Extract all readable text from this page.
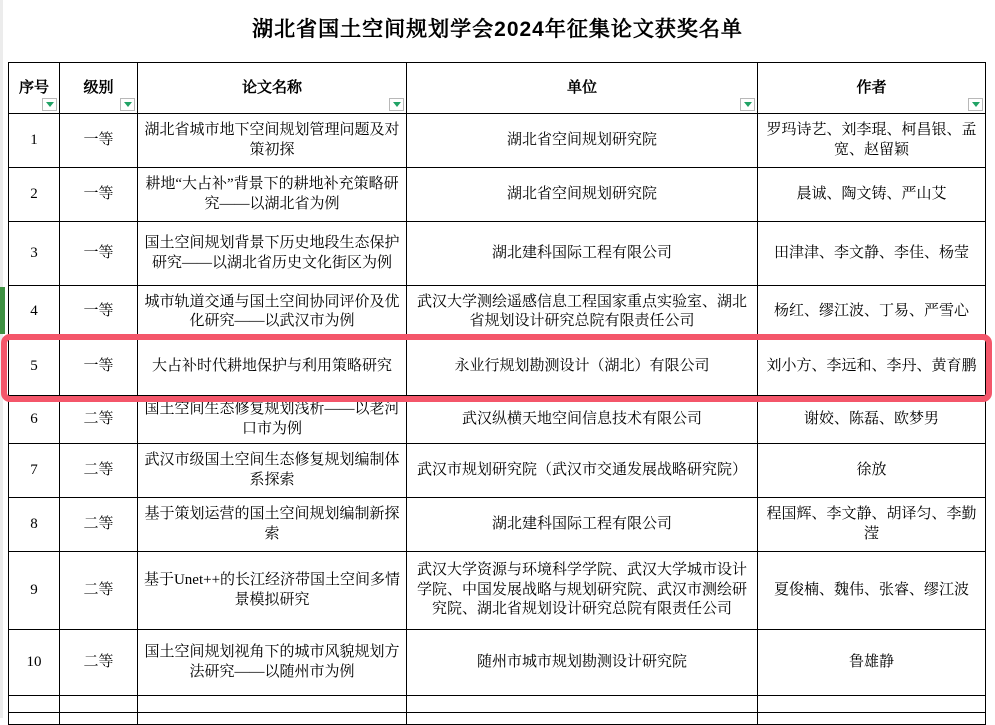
湖北省国土空间规划学会2024年征集论文获奖名单
序号	级别	论文名称	单位	作者

1	一等	湖北省城市地下空间规划管理问题及对策初探	湖北省空间规划研究院	罗玛诗艺、刘李琨、柯昌银、孟宽、赵留颖
2	一等	耕地“大占补”背景下的耕地补充策略研究——以湖北省为例	湖北省空间规划研究院	晨诚、陶文铸、严山艾
3	一等	国土空间规划背景下历史地段生态保护研究——以湖北省历史文化街区为例	湖北建科国际工程有限公司	田津津、李文静、李佳、杨莹
4	一等	城市轨道交通与国土空间协同评价及优化研究——以武汉市为例	武汉大学测绘遥感信息工程国家重点实验室、湖北省规划设计研究总院有限责任公司	杨红、缪江波、丁易、严雪心
5	一等	大占补时代耕地保护与利用策略研究	永业行规划勘测设计（湖北）有限公司	刘小方、李远和、李丹、黄育鹏
6	二等	国土空间生态修复规划浅析——以老河口市为例	武汉纵横天地空间信息技术有限公司	谢姣、陈磊、欧梦男
7	二等	武汉市级国土空间生态修复规划编制体系探索	武汉市规划研究院（武汉市交通发展战略研究院）	徐放
8	二等	基于策划运营的国土空间规划编制新探索	湖北建科国际工程有限公司	程国辉、李文静、胡译匀、李勤滢
9	二等	基于Unet++的长江经济带国土空间多情景模拟研究	武汉大学资源与环境科学学院、武汉大学城市设计学院、中国发展战略与规划研究院、武汉市测绘研究院、湖北省规划设计研究总院有限责任公司	夏俊楠、魏伟、张睿、缪江波
10	二等	国土空间规划视角下的城市风貌规划方法研究——以随州市为例	随州市城市规划勘测设计研究院	鲁雄静
